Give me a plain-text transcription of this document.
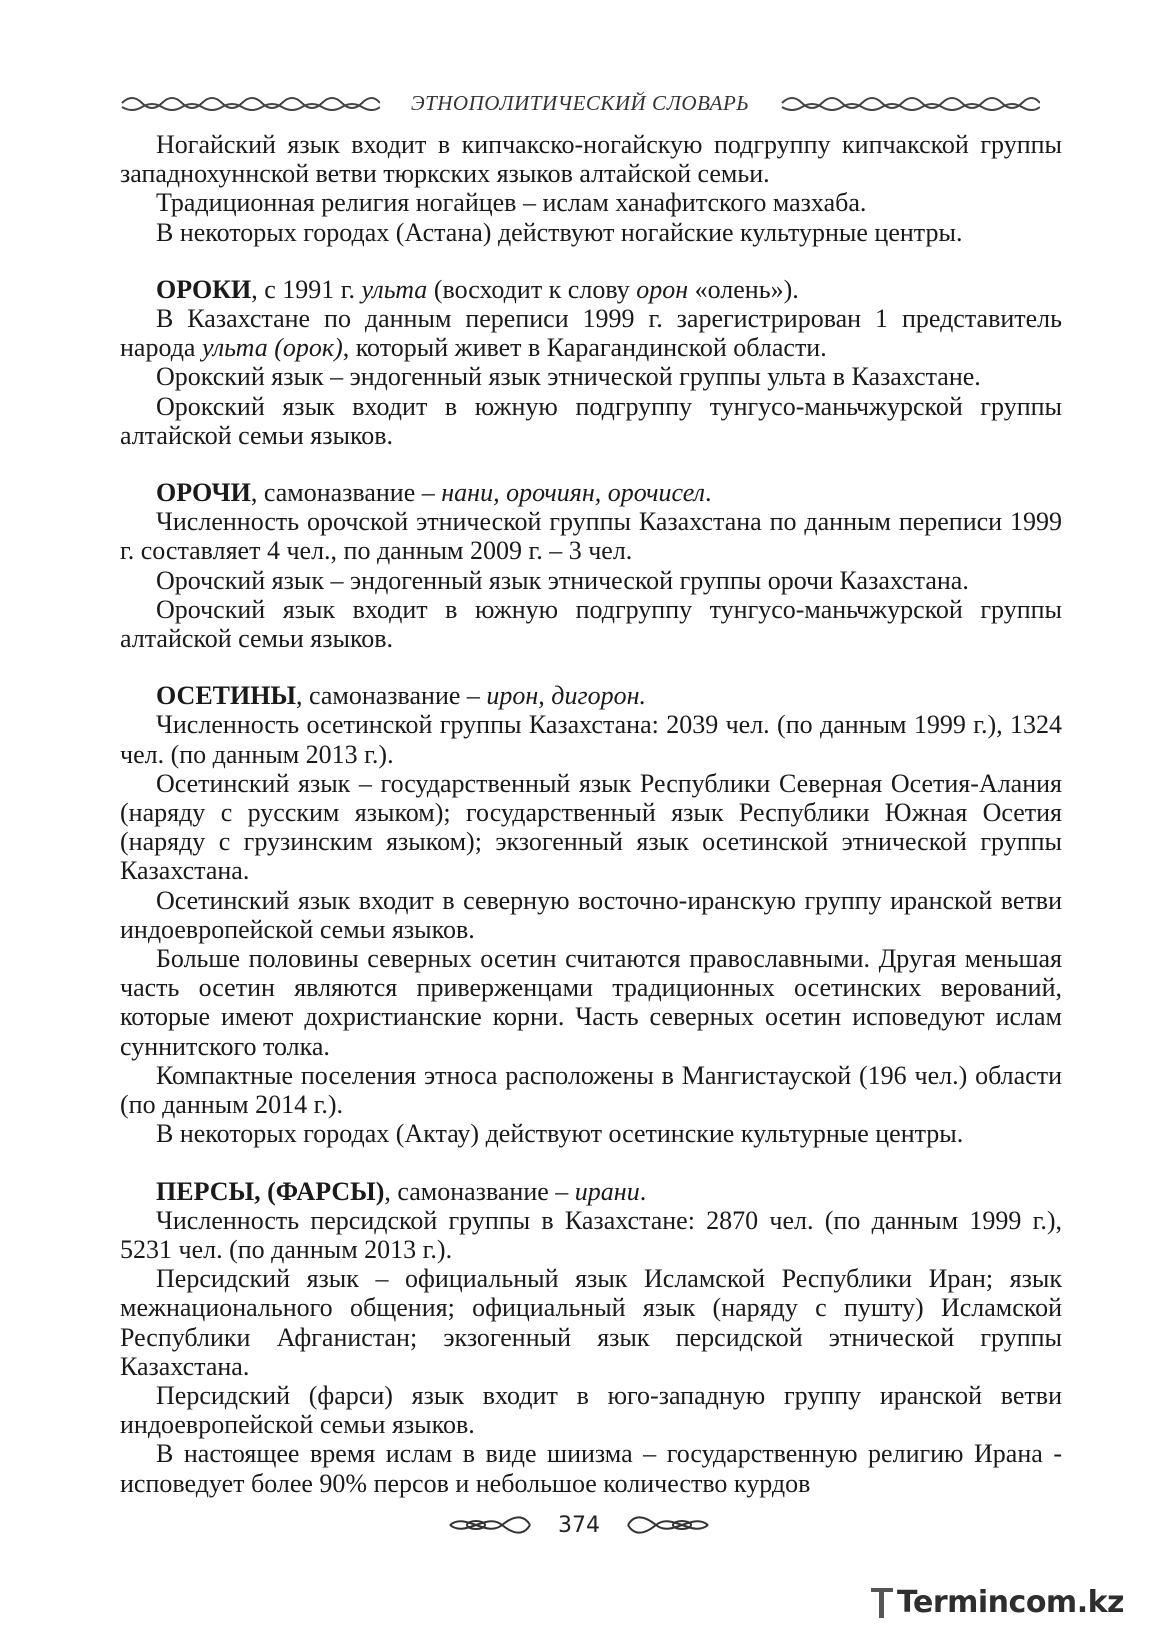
ЭТНОПОЛИТИЧЕСКИЙ СЛОВАРЬ

Ногайский язык входит в кипчакско-ногайскую подгруппу кипчакской группы западнохуннской ветви тюркских языков алтайской семьи.

Традиционная религия ногайцев – ислам ханафитского мазхаба.

В некоторых городах (Астана) действуют ногайские культурные центры.

ОРОКИ, с 1991 г. ульта (восходит к слову орон «олень»).

В Казахстане по данным переписи 1999 г. зарегистрирован 1 представитель народа ульта (орок), который живет в Карагандинской области.

Орокский язык – эндогенный язык этнической группы ульта в Казахстане.

Орокский язык входит в южную подгруппу тунгусо-маньчжурской группы алтайской семьи языков.

ОРОЧИ, самоназвание – нани, орочиян, орочисел.

Численность орочской этнической группы Казахстана по данным переписи 1999 г. составляет 4 чел., по данным 2009 г. – 3 чел.

Орочский язык – эндогенный язык этнической группы орочи Казахстана.

Орочский язык входит в южную подгруппу тунгусо-маньчжурской группы алтайской семьи языков.

ОСЕТИНЫ, самоназвание – ирон, дигорон.

Численность осетинской группы Казахстана: 2039 чел. (по данным 1999 г.), 1324 чел. (по данным 2013 г.).

Осетинский язык – государственный язык Республики Северная Осетия-Алания (наряду с русским языком); государственный язык Республики Южная Осетия (наряду с грузинским языком); экзогенный язык осетинской этнической группы Казахстана.

Осетинский язык входит в северную восточно-иранскую группу иранской ветви индоевропейской семьи языков.

Больше половины северных осетин считаются православными. Другая меньшая часть осетин являются приверженцами традиционных осетинских верований, которые имеют дохристианские корни. Часть северных осетин исповедуют ислам суннитского толка.

Компактные поселения этноса расположены в Мангистауской (196 чел.) области (по данным 2014 г.).

В некоторых городах (Актау) действуют осетинские культурные центры.

ПЕРСЫ, (ФАРСЫ), самоназвание – ирани.

Численность персидской группы в Казахстане: 2870 чел. (по данным 1999 г.), 5231 чел. (по данным 2013 г.).

Персидский язык – официальный язык Исламской Республики Иран; язык межнационального общения; официальный язык (наряду с пушту) Исламской Республики Афганистан; экзогенный язык персидской этнической группы Казахстана.

Персидский (фарси) язык входит в юго-западную группу иранской ветви индоевропейской семьи языков.

В настоящее время ислам в виде шиизма – государственную религию Ирана - исповедует более 90% персов и небольшое количество курдов

374
Termincom.kz
